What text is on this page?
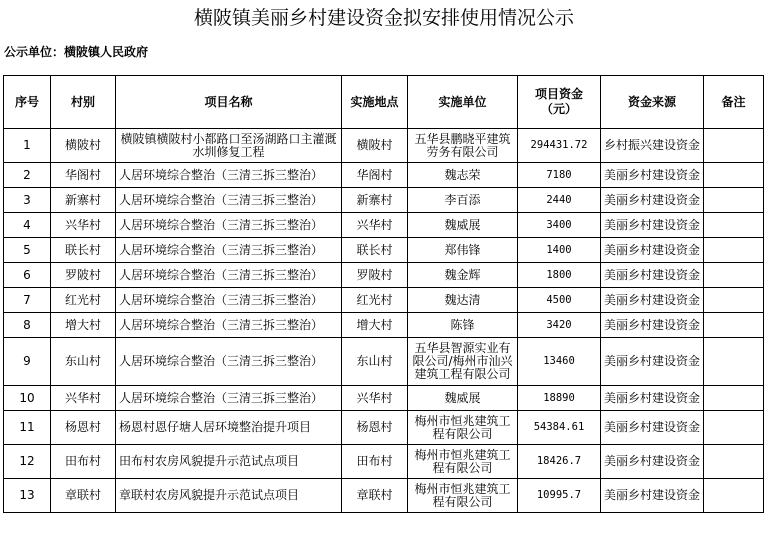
横陂镇美丽乡村建设资金拟安排使用情况公示
公示单位：横陂镇人民政府
序号	村别	项目名称	实施地点	实施单位	项目资金（元）	资金来源	备注
1	横陂村	横陂镇横陂村小都路口至汤湖路口主灌溉水圳修复工程	横陂村	五华县鹏晓平建筑劳务有限公司	294431.72	乡村振兴建设资金	
2	华阁村	人居环境综合整治（三清三拆三整治）	华阁村	魏志荣	7180	美丽乡村建设资金	
3	新寨村	人居环境综合整治（三清三拆三整治）	新寨村	李百添	2440	美丽乡村建设资金	
4	兴华村	人居环境综合整治（三清三拆三整治）	兴华村	魏威展	3400	美丽乡村建设资金	
5	联长村	人居环境综合整治（三清三拆三整治）	联长村	郑伟锋	1400	美丽乡村建设资金	
6	罗陂村	人居环境综合整治（三清三拆三整治）	罗陂村	魏金辉	1800	美丽乡村建设资金	
7	红光村	人居环境综合整治（三清三拆三整治）	红光村	魏达清	4500	美丽乡村建设资金	
8	增大村	人居环境综合整治（三清三拆三整治）	增大村	陈锋	3420	美丽乡村建设资金	
9	东山村	人居环境综合整治（三清三拆三整治）	东山村	五华县智源实业有限公司/梅州市汕兴建筑工程有限公司	13460	美丽乡村建设资金	
10	兴华村	人居环境综合整治（三清三拆三整治）	兴华村	魏威展	18890	美丽乡村建设资金	
11	杨恩村	杨恩村恩仔塘人居环境整治提升项目	杨恩村	梅州市恒兆建筑工程有限公司	54384.61	美丽乡村建设资金	
12	田布村	田布村农房风貌提升示范试点项目	田布村	梅州市恒兆建筑工程有限公司	18426.7	美丽乡村建设资金	
13	章联村	章联村农房风貌提升示范试点项目	章联村	梅州市恒兆建筑工程有限公司	10995.7	美丽乡村建设资金	
